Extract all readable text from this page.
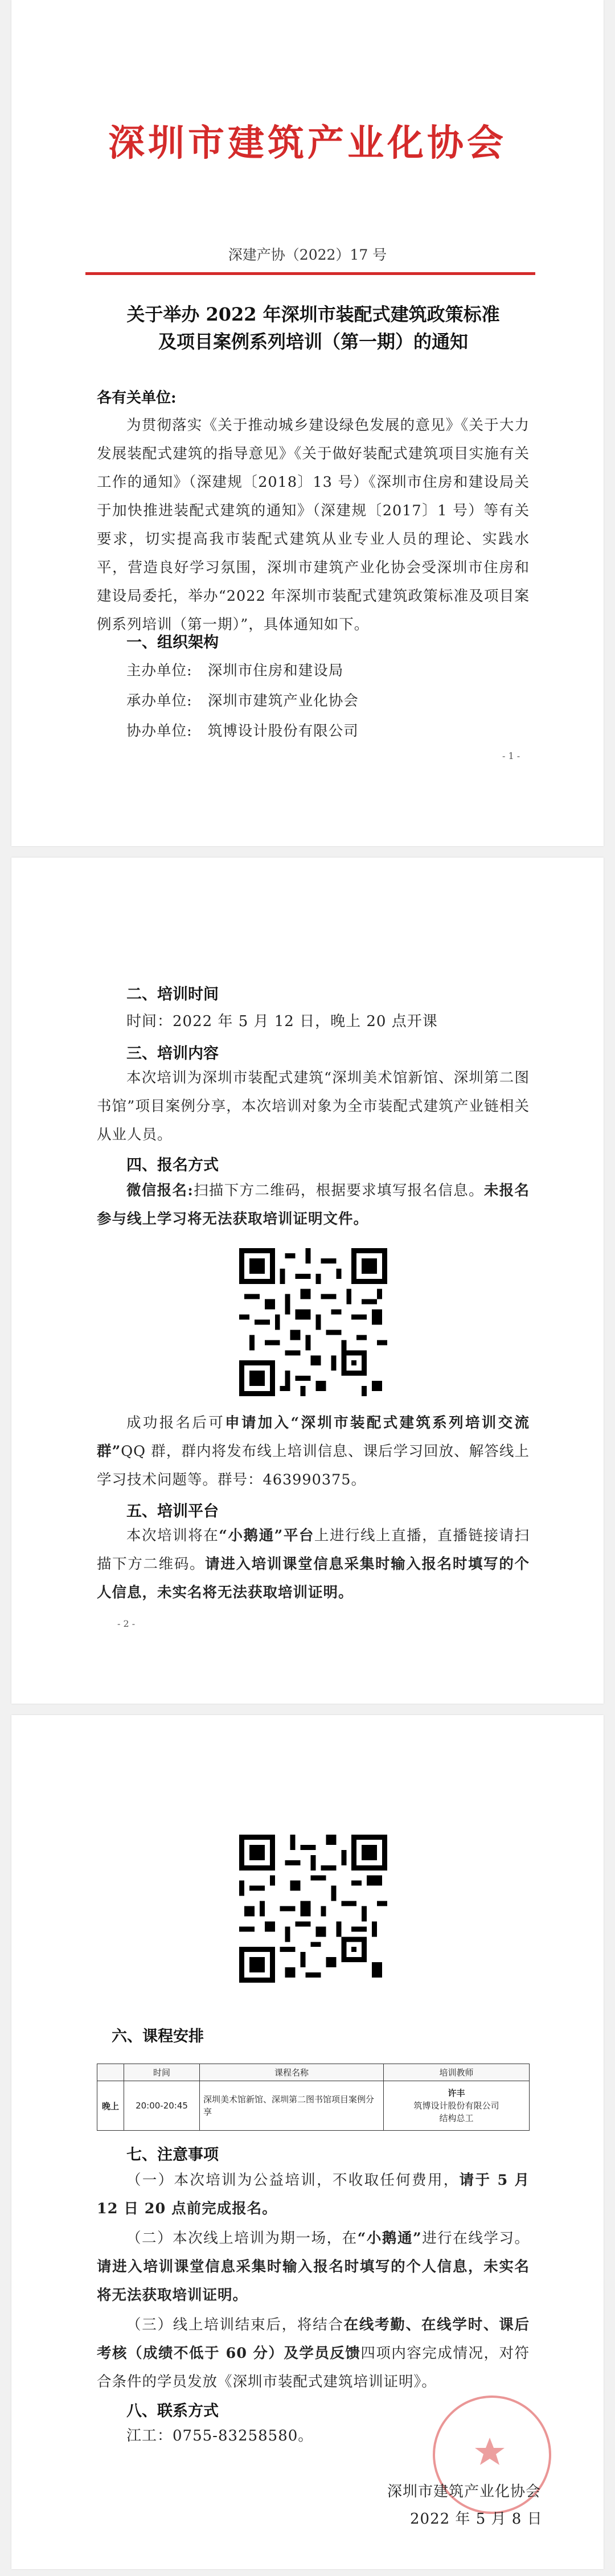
深圳市建筑产业化协会
深建产协（2022）17 号
关于举办 2022 年深圳市装配式建筑政策标准
及项目案例系列培训（第一期）的通知
各有关单位:
为贯彻落实《关于推动城乡建设绿色发展的意见》《关于大力发展装配式建筑的指导意见》《关于做好装配式建筑项目实施有关工作的通知》（深建规〔2018〕13 号）《深圳市住房和建设局关于加快推进装配式建筑的通知》（深建规〔2017〕1 号）等有关要求，切实提高我市装配式建筑从业专业人员的理论、实践水平，营造良好学习氛围，深圳市建筑产业化协会受深圳市住房和建设局委托，举办“2022 年深圳市装配式建筑政策标准及项目案例系列培训（第一期）”，具体通知如下。
一、组织架构
主办单位: 深圳市住房和建设局
承办单位: 深圳市建筑产业化协会
协办单位: 筑博设计股份有限公司
- 1 -
二、培训时间
时间：2022 年 5 月 12 日，晚上 20 点开课
三、培训内容
本次培训为深圳市装配式建筑“深圳美术馆新馆、深圳第二图书馆”项目案例分享，本次培训对象为全市装配式建筑产业链相关从业人员。
四、报名方式
微信报名:扫描下方二维码，根据要求填写报名信息。未报名参与线上学习将无法获取培训证明文件。
成功报名后可申请加入“深圳市装配式建筑系列培训交流群”QQ 群，群内将发布线上培训信息、课后学习回放、解答线上学习技术问题等。群号：463990375。
五、培训平台
本次培训将在“小鹅通”平台上进行线上直播，直播链接请扫描下方二维码。请进入培训课堂信息采集时输入报名时填写的个人信息，未实名将无法获取培训证明。
- 2 -
六、课程安排
	时间	课程名称	培训教师
晚上	20:00-20:45	深圳美术馆新馆、深圳第二图书馆项目案例分享	许丰
筑博设计股份有限公司
结构总工
七、注意事项
（一）本次培训为公益培训，不收取任何费用，请于 5 月 12 日 20 点前完成报名。
（二）本次线上培训为期一场，在“小鹅通”进行在线学习。请进入培训课堂信息采集时输入报名时填写的个人信息，未实名将无法获取培训证明。
（三）线上培训结束后，将结合在线考勤、在线学时、课后考核（成绩不低于 60 分）及学员反馈四项内容完成情况，对符合条件的学员发放《深圳市装配式建筑培训证明》。
八、联系方式
江工：0755-83258580。
深圳市建筑产业化协会
2022 年 5 月 8 日
